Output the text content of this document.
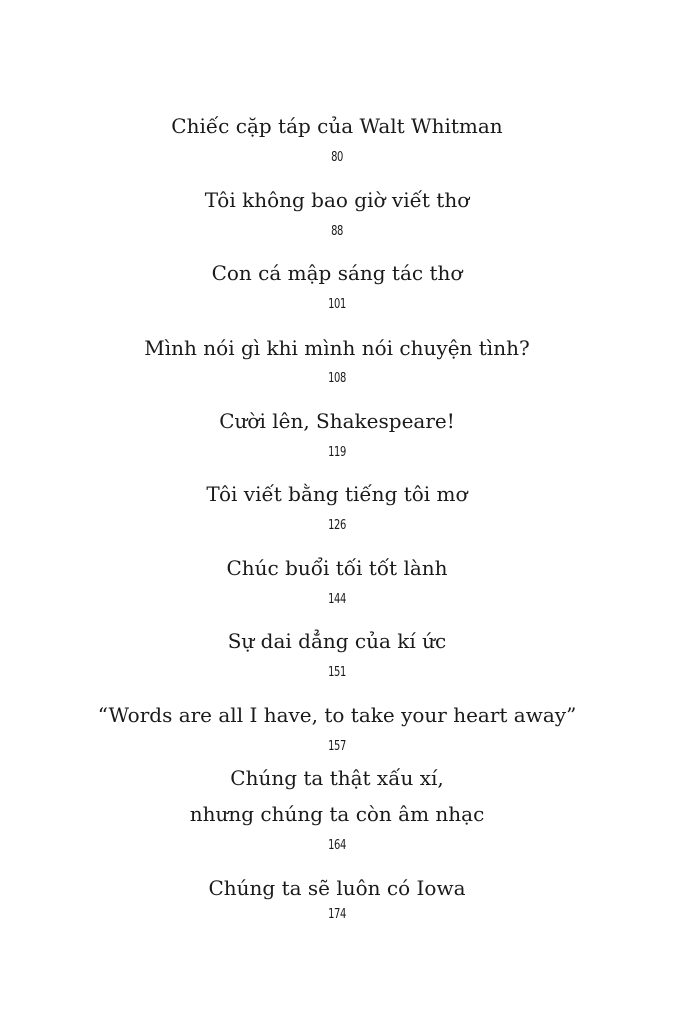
Chiếc cặp táp của Walt Whitman
80
Tôi không bao giờ viết thơ
88
Con cá mập sáng tác thơ
101
Mình nói gì khi mình nói chuyện tình?
108
Cười lên, Shakespeare!
119
Tôi viết bằng tiếng tôi mơ
126
Chúc buổi tối tốt lành
144
Sự dai dẳng của kí ức
151
“Words are all I have, to take your heart away”
157
Chúng ta thật xấu xí,
nhưng chúng ta còn âm nhạc
164
Chúng ta sẽ luôn có Iowa
174
